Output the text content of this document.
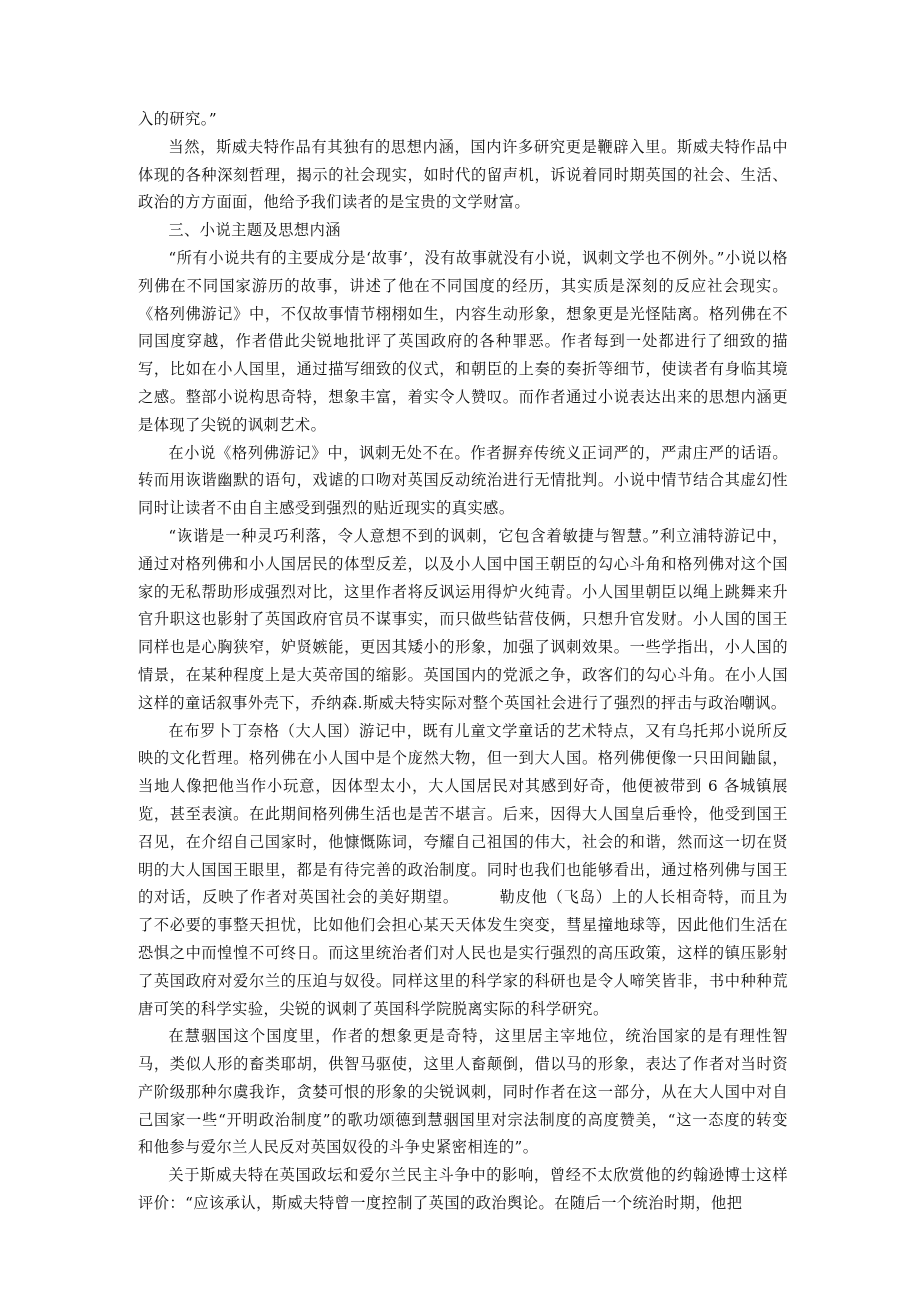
入的研究。”

当然，斯威夫特作品有其独有的思想内涵，国内许多研究更是鞭辟入里。斯威夫特作品中体现的各种深刻哲理，揭示的社会现实，如时代的留声机，诉说着同时期英国的社会、生活、政治的方方面面，他给予我们读者的是宝贵的文学财富。

三、小说主题及思想内涵

“所有小说共有的主要成分是‘故事’，没有故事就没有小说，讽刺文学也不例外。”小说以格列佛在不同国家游历的故事，讲述了他在不同国度的经历，其实质是深刻的反应社会现实。《格列佛游记》中，不仅故事情节栩栩如生，内容生动形象，想象更是光怪陆离。格列佛在不同国度穿越，作者借此尖锐地批评了英国政府的各种罪恶。作者每到一处都进行了细致的描写，比如在小人国里，通过描写细致的仪式，和朝臣的上奏的奏折等细节，使读者有身临其境之感。整部小说构思奇特，想象丰富，着实令人赞叹。而作者通过小说表达出来的思想内涵更是体现了尖锐的讽刺艺术。

在小说《格列佛游记》中，讽刺无处不在。作者摒弃传统义正词严的，严肃庄严的话语。转而用诙谐幽默的语句，戏谑的口吻对英国反动统治进行无情批判。小说中情节结合其虚幻性同时让读者不由自主感受到强烈的贴近现实的真实感。

“诙谐是一种灵巧利落，令人意想不到的讽刺，它包含着敏捷与智慧。”利立浦特游记中，通过对格列佛和小人国居民的体型反差，以及小人国中国王朝臣的勾心斗角和格列佛对这个国家的无私帮助形成强烈对比，这里作者将反讽运用得炉火纯青。小人国里朝臣以绳上跳舞来升官升职这也影射了英国政府官员不谋事实，而只做些钻营伎俩，只想升官发财。小人国的国王同样也是心胸狭窄，妒贤嫉能，更因其矮小的形象，加强了讽刺效果。一些学指出，小人国的情景，在某种程度上是大英帝国的缩影。英国国内的党派之争，政客们的勾心斗角。在小人国这样的童话叙事外壳下，乔纳森.斯威夫特实际对整个英国社会进行了强烈的抨击与政治嘲讽。

在布罗卜丁奈格（大人国）游记中，既有儿童文学童话的艺术特点，又有乌托邦小说所反映的文化哲理。格列佛在小人国中是个庞然大物，但一到大人国。格列佛便像一只田间鼬鼠，当地人像把他当作小玩意，因体型太小，大人国居民对其感到好奇，他便被带到 6 各城镇展览，甚至表演。在此期间格列佛生活也是苦不堪言。后来，因得大人国皇后垂怜，他受到国王召见，在介绍自己国家时，他慷慨陈词，夸耀自己祖国的伟大，社会的和谐，然而这一切在贤明的大人国国王眼里，都是有待完善的政治制度。同时也我们也能够看出，通过格列佛与国王的对话，反映了作者对英国社会的美好期望。　　　勒皮他（飞岛）上的人长相奇特，而且为了不必要的事整天担忧，比如他们会担心某天天体发生突变，彗星撞地球等，因此他们生活在恐惧之中而惶惶不可终日。而这里统治者们对人民也是实行强烈的高压政策，这样的镇压影射了英国政府对爱尔兰的压迫与奴役。同样这里的科学家的科研也是令人啼笑皆非，书中种种荒唐可笑的科学实验，尖锐的讽刺了英国科学院脱离实际的科学研究。

在慧骃国这个国度里，作者的想象更是奇特，这里居主宰地位，统治国家的是有理性智马，类似人形的畜类耶胡，供智马驱使，这里人畜颠倒，借以马的形象，表达了作者对当时资产阶级那种尔虞我诈，贪婪可恨的形象的尖锐讽刺，同时作者在这一部分，从在大人国中对自己国家一些“开明政治制度”的歌功颂德到慧骃国里对宗法制度的高度赞美，“这一态度的转变和他参与爱尔兰人民反对英国奴役的斗争史紧密相连的”。

关于斯威夫特在英国政坛和爱尔兰民主斗争中的影响，曾经不太欣赏他的约翰逊博士这样评价：“应该承认，斯威夫特曾一度控制了英国的政治舆论。在随后一个统治时期，他把
